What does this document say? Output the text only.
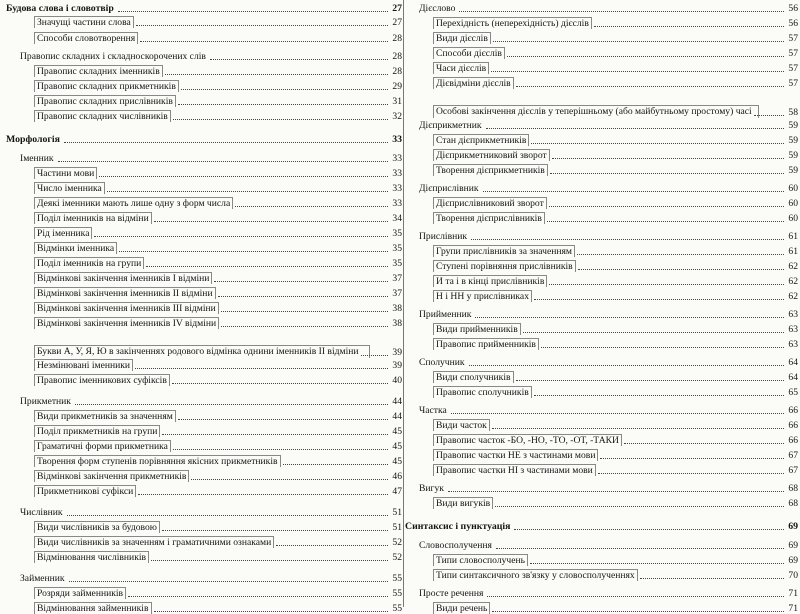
Будова слова і словотвір	27
Значущі частини слова	27
Способи словотворення	28
Правопис складних і складноскорочених слів	28
Правопис складних іменників	28
Правопис складних прикметників	29
Правопис складних прислівників	31
Правопис складних числівників	32
Морфологія	33
Іменник	33
Частини мови	33
Число іменника	33
Деякі іменники мають лише одну з форм числа	33
Поділ іменників на відміни	34
Рід іменника	35
Відмінки іменника	35
Поділ іменників на групи	35
Відмінкові закінчення іменників І відміни	37
Відмінкові закінчення іменників ІІ відміни	37
Відмінкові закінчення іменників ІІІ відміни	38
Відмінкові закінчення іменників IV відміни	38
Букви А, У, Я, Ю в закінченнях родового відмінка однини іменників ІІ відміни	39
Незмінювані іменники	39
Правопис іменникових суфіксів	40
Прикметник	44
Види прикметників за значенням	44
Поділ прикметників на групи	45
Граматичні форми прикметника	45
Творення форм ступенів порівняння якісних прикметників	45
Відмінкові закінчення прикметників	46
Прикметникові суфікси	47
Числівник	51
Види числівників за будовою	51
Види числівників за значенням і граматичними ознаками	52
Відмінювання числівників	52
Займенник	55
Розряди займенників	55
Відмінювання займенників	55
Дієслово	56
Перехідність (неперехідність) дієслів	56
Види дієслів	57
Способи дієслів	57
Часи дієслів	57
Дієвідміни дієслів	57
Особові закінчення дієслів у теперішньому (або майбутньому простому) часі	58
Дієприкметник	59
Стан дієприкметників	59
Дієприкметниковий зворот	59
Творення дієприкметників	59
Дієприслівник	60
Дієприслівниковий зворот	60
Творення дієприслівників	60
Прислівник	61
Групи прислівників за значенням	61
Ступені порівняння прислівників	62
И та і в кінці прислівників	62
Н і НН у прислівниках	62
Прийменник	63
Види прийменників	63
Правопис прийменників	63
Сполучник	64
Види сполучників	64
Правопис сполучників	65
Частка	66
Види часток	66
Правопис часток -БО, -НО, -ТО, -ОТ, -ТАКИ	66
Правопис частки НЕ з частинами мови	67
Правопис частки НІ з частинами мови	67
Вигук	68
Види вигуків	68
Синтаксис і пунктуація	69
Словосполучення	69
Типи словосполучень	69
Типи синтаксичного зв'язку у словосполученнях	70
Просте речення	71
Види речень	71
